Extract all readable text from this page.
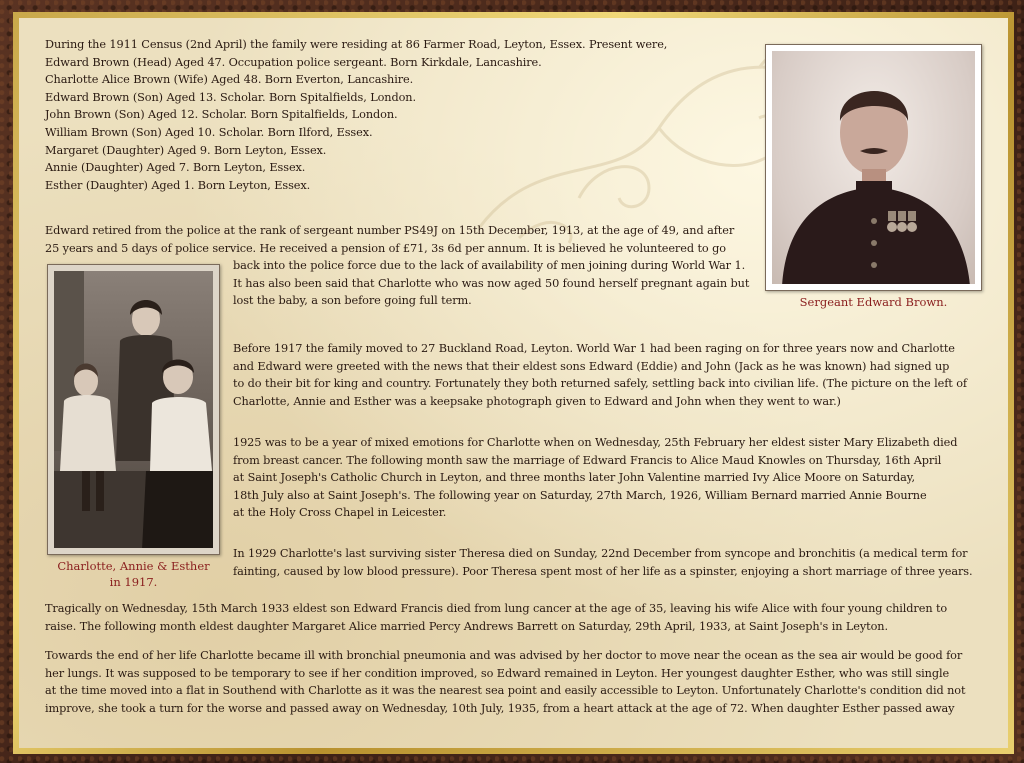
During the 1911 Census (2nd April) the family were residing at 86 Farmer Road, Leyton, Essex. Present were,
Edward Brown (Head) Aged 47. Occupation police sergeant. Born Kirkdale, Lancashire.
Charlotte Alice Brown (Wife) Aged 48. Born Everton, Lancashire.
Edward Brown (Son) Aged 13. Scholar. Born Spitalfields, London.
John Brown (Son) Aged 12. Scholar. Born Spitalfields, London.
William Brown (Son) Aged 10. Scholar. Born Ilford, Essex.
Margaret (Daughter) Aged 9. Born Leyton, Essex.
Annie (Daughter) Aged 7. Born Leyton, Essex.
Esther (Daughter) Aged 1. Born Leyton, Essex.
Edward retired from the police at the rank of sergeant number PS49J on 15th December, 1913, at the age of 49, and after
25 years and 5 days of police service. He received a pension of £71, 3s 6d per annum. It is believed he volunteered to go
back into the police force due to the lack of availability of men joining during World War 1.
It has also been said that Charlotte who was now aged 50 found herself pregnant again but
lost the baby, a son before going full term.
Before 1917 the family moved to 27 Buckland Road, Leyton. World War 1 had been raging on for three years now and Charlotte
and Edward were greeted with the news that their eldest sons Edward (Eddie) and John (Jack as he was known) had signed up
to do their bit for king and country. Fortunately they both returned safely, settling back into civilian life. (The picture on the left of
Charlotte, Annie and Esther was a keepsake photograph given to Edward and John when they went to war.)
1925 was to be a year of mixed emotions for Charlotte when on Wednesday, 25th February her eldest sister Mary Elizabeth died
from breast cancer. The following month saw the marriage of Edward Francis to Alice Maud Knowles on Thursday, 16th April
at Saint Joseph's Catholic Church in Leyton, and three months later John Valentine married Ivy Alice Moore on Saturday,
18th July also at Saint Joseph's. The following year on Saturday, 27th March, 1926, William Bernard married Annie Bourne
at the Holy Cross Chapel in Leicester.
In 1929 Charlotte's last surviving sister Theresa died on Sunday, 22nd December from syncope and bronchitis (a medical term for
fainting, caused by low blood pressure). Poor Theresa spent most of her life as a spinster, enjoying a short marriage of three years.
Tragically on Wednesday, 15th March 1933 eldest son Edward Francis died from lung cancer at the age of 35, leaving his wife Alice with four young children to
raise. The following month eldest daughter Margaret Alice married Percy Andrews Barrett on Saturday, 29th April, 1933, at Saint Joseph's in Leyton.
Towards the end of her life Charlotte became ill with bronchial pneumonia and was advised by her doctor to move near the ocean as the sea air would be good for
her lungs. It was supposed to be temporary to see if her condition improved, so Edward remained in Leyton. Her youngest daughter Esther, who was still single
at the time moved into a flat in Southend with Charlotte as it was the nearest sea point and easily accessible to Leyton. Unfortunately Charlotte's condition did not
improve, she took a turn for the worse and passed away on Wednesday, 10th July, 1935, from a heart attack at the age of 72. When daughter Esther passed away
Sergeant Edward Brown.
Charlotte, Annie & Esther
in 1917.
